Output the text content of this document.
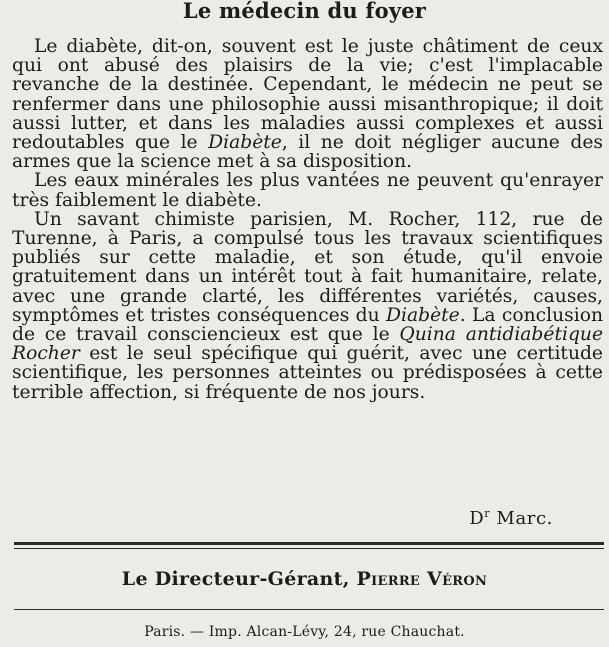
Le médecin du foyer

Le diabète, dit-on, souvent est le juste châtiment de ceux qui ont abusé des plaisirs de la vie; c'est l'implacable revanche de la destinée. Cependant, le médecin ne peut se renfermer dans une philosophie aussi misanthropique; il doit aussi lutter, et dans les maladies aussi complexes et aussi redoutables que le Diabète, il ne doit négliger aucune des armes que la science met à sa disposition.

Les eaux minérales les plus vantées ne peuvent qu'enrayer très faiblement le diabète.

Un savant chimiste parisien, M. Rocher, 112, rue de Turenne, à Paris, a compulsé tous les travaux scientifiques publiés sur cette maladie, et son étude, qu'il envoie gratuitement dans un intérêt tout à fait humanitaire, relate, avec une grande clarté, les différentes variétés, causes, symptômes et tristes conséquences du Diabète. La conclusion de ce travail consciencieux est que le Quina antidiabétique Rocher est le seul spécifique qui guérit, avec une certitude scientifique, les personnes atteintes ou prédisposées à cette terrible affection, si fréquente de nos jours.

$D^r$ Marc.
Le Directeur-Gérant, Pierre Véron
Paris. — Imp. Alcan-Lévy, 24, rue Chauchat.
